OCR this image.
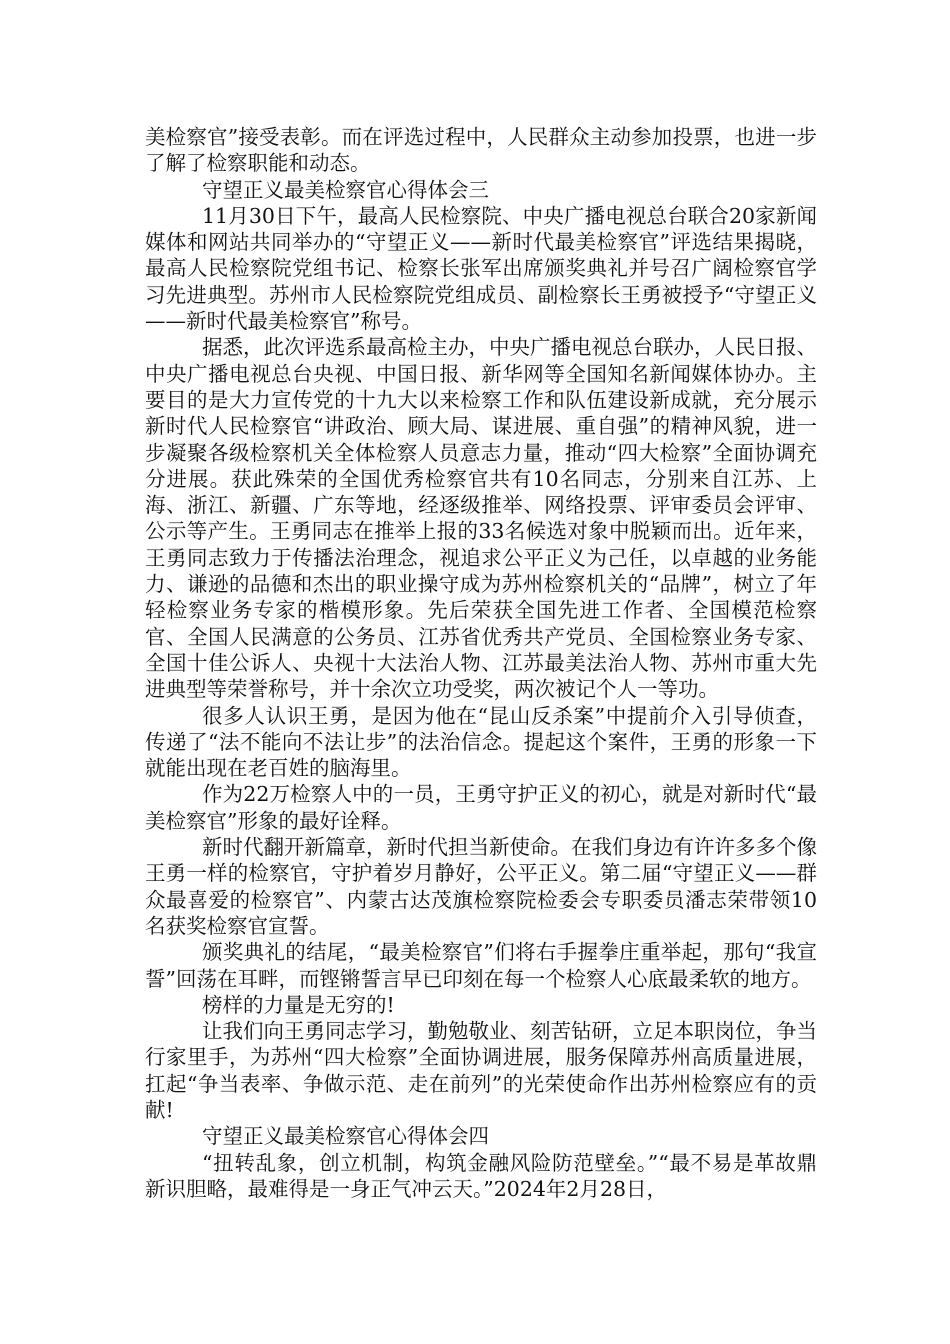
美检察官”接受表彰。而在评选过程中，人民群众主动参加投票，也进一步了解了检察职能和动态。

守望正义最美检察官心得体会三

11月30日下午，最高人民检察院、中央广播电视总台联合20家新闻媒体和网站共同举办的“守望正义——新时代最美检察官”评选结果揭晓，最高人民检察院党组书记、检察长张军出席颁奖典礼并号召广阔检察官学习先进典型。苏州市人民检察院党组成员、副检察长王勇被授予“守望正义——新时代最美检察官”称号。

据悉，此次评选系最高检主办，中央广播电视总台联办，人民日报、中央广播电视总台央视、中国日报、新华网等全国知名新闻媒体协办。主要目的是大力宣传党的十九大以来检察工作和队伍建设新成就，充分展示新时代人民检察官“讲政治、顾大局、谋进展、重自强”的精神风貌，进一步凝聚各级检察机关全体检察人员意志力量，推动“四大检察”全面协调充分进展。获此殊荣的全国优秀检察官共有10名同志，分别来自江苏、上海、浙江、新疆、广东等地，经逐级推举、网络投票、评审委员会评审、公示等产生。王勇同志在推举上报的33名候选对象中脱颖而出。近年来，王勇同志致力于传播法治理念，视追求公平正义为己任，以卓越的业务能力、谦逊的品德和杰出的职业操守成为苏州检察机关的“品牌”，树立了年轻检察业务专家的楷模形象。先后荣获全国先进工作者、全国模范检察官、全国人民满意的公务员、江苏省优秀共产党员、全国检察业务专家、全国十佳公诉人、央视十大法治人物、江苏最美法治人物、苏州市重大先进典型等荣誉称号，并十余次立功受奖，两次被记个人一等功。

很多人认识王勇，是因为他在“昆山反杀案”中提前介入引导侦查，传递了“法不能向不法让步”的法治信念。提起这个案件，王勇的形象一下就能出现在老百姓的脑海里。

作为22万检察人中的一员，王勇守护正义的初心，就是对新时代“最美检察官”形象的最好诠释。

新时代翻开新篇章，新时代担当新使命。在我们身边有许许多多个像王勇一样的检察官，守护着岁月静好，公平正义。第二届“守望正义——群众最喜爱的检察官”、内蒙古达茂旗检察院检委会专职委员潘志荣带领10名获奖检察官宣誓。

颁奖典礼的结尾，“最美检察官”们将右手握拳庄重举起，那句“我宣誓”回荡在耳畔，而铿锵誓言早已印刻在每一个检察人心底最柔软的地方。

榜样的力量是无穷的!

让我们向王勇同志学习，勤勉敬业、刻苦钻研，立足本职岗位，争当行家里手，为苏州“四大检察”全面协调进展，服务保障苏州高质量进展，扛起“争当表率、争做示范、走在前列”的光荣使命作出苏州检察应有的贡献!

守望正义最美检察官心得体会四

“扭转乱象，创立机制，构筑金融风险防范壁垒。”“最不易是革故鼎新识胆略，最难得是一身正气冲云天。”2024年2月28日，
